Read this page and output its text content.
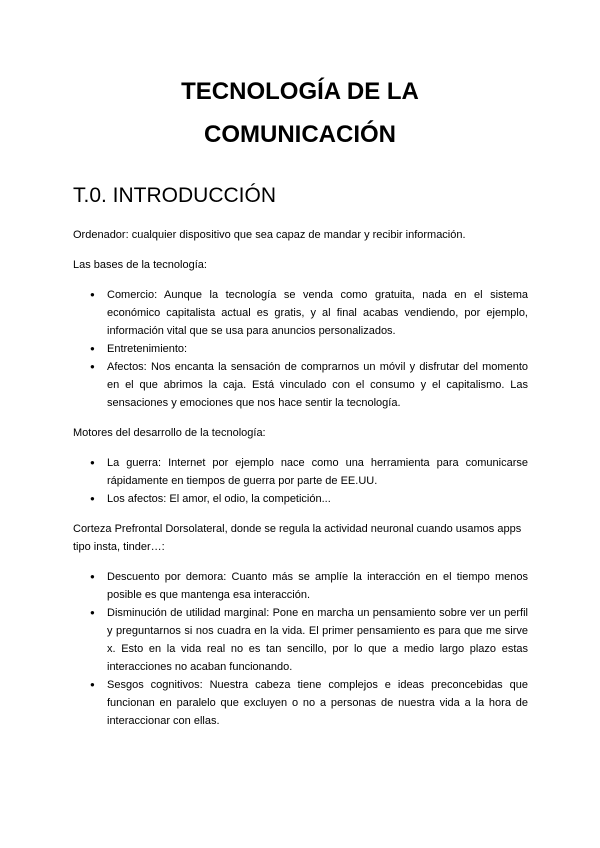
TECNOLOGÍA DE LA
COMUNICACIÓN
T.0. INTRODUCCIÓN

Ordenador: cualquier dispositivo que sea capaz de mandar y recibir información.

Las bases de la tecnología:

● Comercio: Aunque la tecnología se venda como gratuita, nada en el sistema económico capitalista actual es gratis, y al final acabas vendiendo, por ejemplo, información vital que se usa para anuncios personalizados.
● Entretenimiento:
● Afectos: Nos encanta la sensación de comprarnos un móvil y disfrutar del momento en el que abrimos la caja. Está vinculado con el consumo y el capitalismo. Las sensaciones y emociones que nos hace sentir la tecnología.

Motores del desarrollo de la tecnología:

● La guerra: Internet por ejemplo nace como una herramienta para comunicarse rápidamente en tiempos de guerra por parte de EE.UU.
● Los afectos: El amor, el odio, la competición...

Corteza Prefrontal Dorsolateral, donde se regula la actividad neuronal cuando usamos apps tipo insta, tinder…:

● Descuento por demora: Cuanto más se amplíe la interacción en el tiempo menos posible es que mantenga esa interacción.
● Disminución de utilidad marginal: Pone en marcha un pensamiento sobre ver un perfil y preguntarnos si nos cuadra en la vida. El primer pensamiento es para que me sirve x. Esto en la vida real no es tan sencillo, por lo que a medio largo plazo estas interacciones no acaban funcionando.
● Sesgos cognitivos: Nuestra cabeza tiene complejos e ideas preconcebidas que funcionan en paralelo que excluyen o no a personas de nuestra vida a la hora de interaccionar con ellas.
